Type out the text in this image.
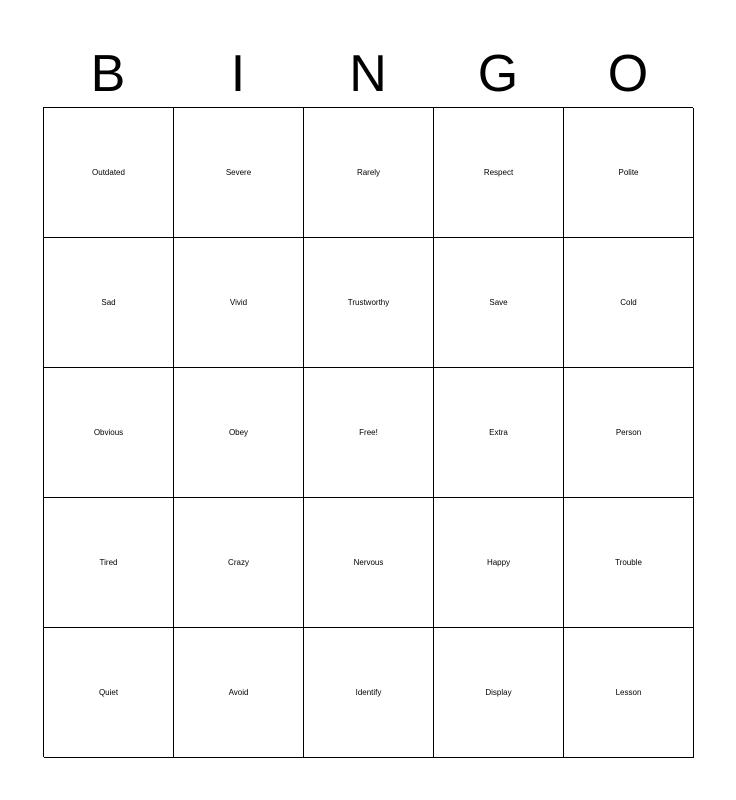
B	I	N	G	O
Outdated	Severe	Rarely	Respect	Polite
Sad	Vivid	Trustworthy	Save	Cold
Obvious	Obey	Free!	Extra	Person
Tired	Crazy	Nervous	Happy	Trouble
Quiet	Avoid	Identify	Display	Lesson
